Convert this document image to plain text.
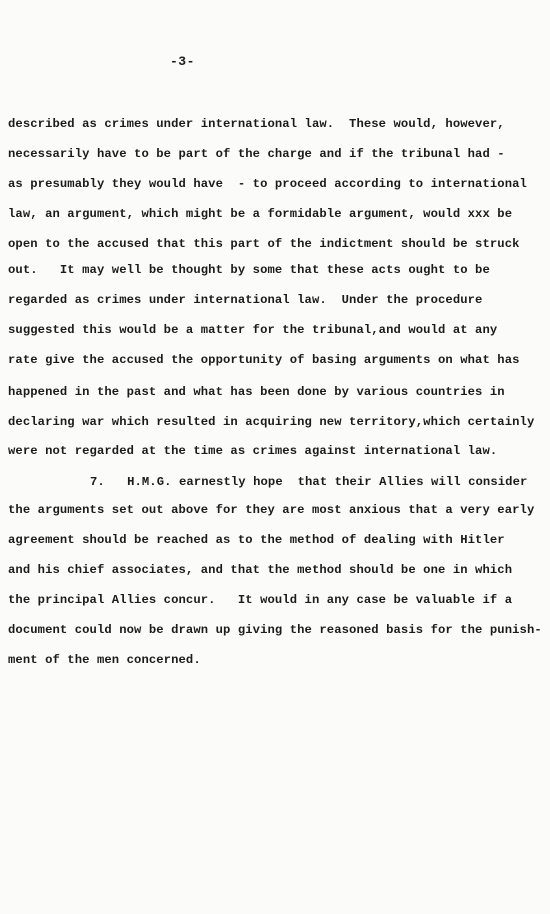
-3-
described as crimes under international law.  These would, however,
necessarily have to be part of the charge and if the tribunal had -
as presumably they would have  - to proceed according to international
law, an argument, which might be a formidable argument, would xxx be
open to the accused that this part of the indictment should be struck
out.   It may well be thought by some that these acts ought to be
regarded as crimes under international law.  Under the procedure
suggested this would be a matter for the tribunal,and would at any
rate give the accused the opportunity of basing arguments on what has
happened in the past and what has been done by various countries in
declaring war which resulted in acquiring new territory,which certainly
were not regarded at the time as crimes against international law.
7.   H.M.G. earnestly hope  that their Allies will consider
the arguments set out above for they are most anxious that a very early
agreement should be reached as to the method of dealing with Hitler
and his chief associates, and that the method should be one in which
the principal Allies concur.   It would in any case be valuable if a
document could now be drawn up giving the reasoned basis for the punish-
ment of the men concerned.
